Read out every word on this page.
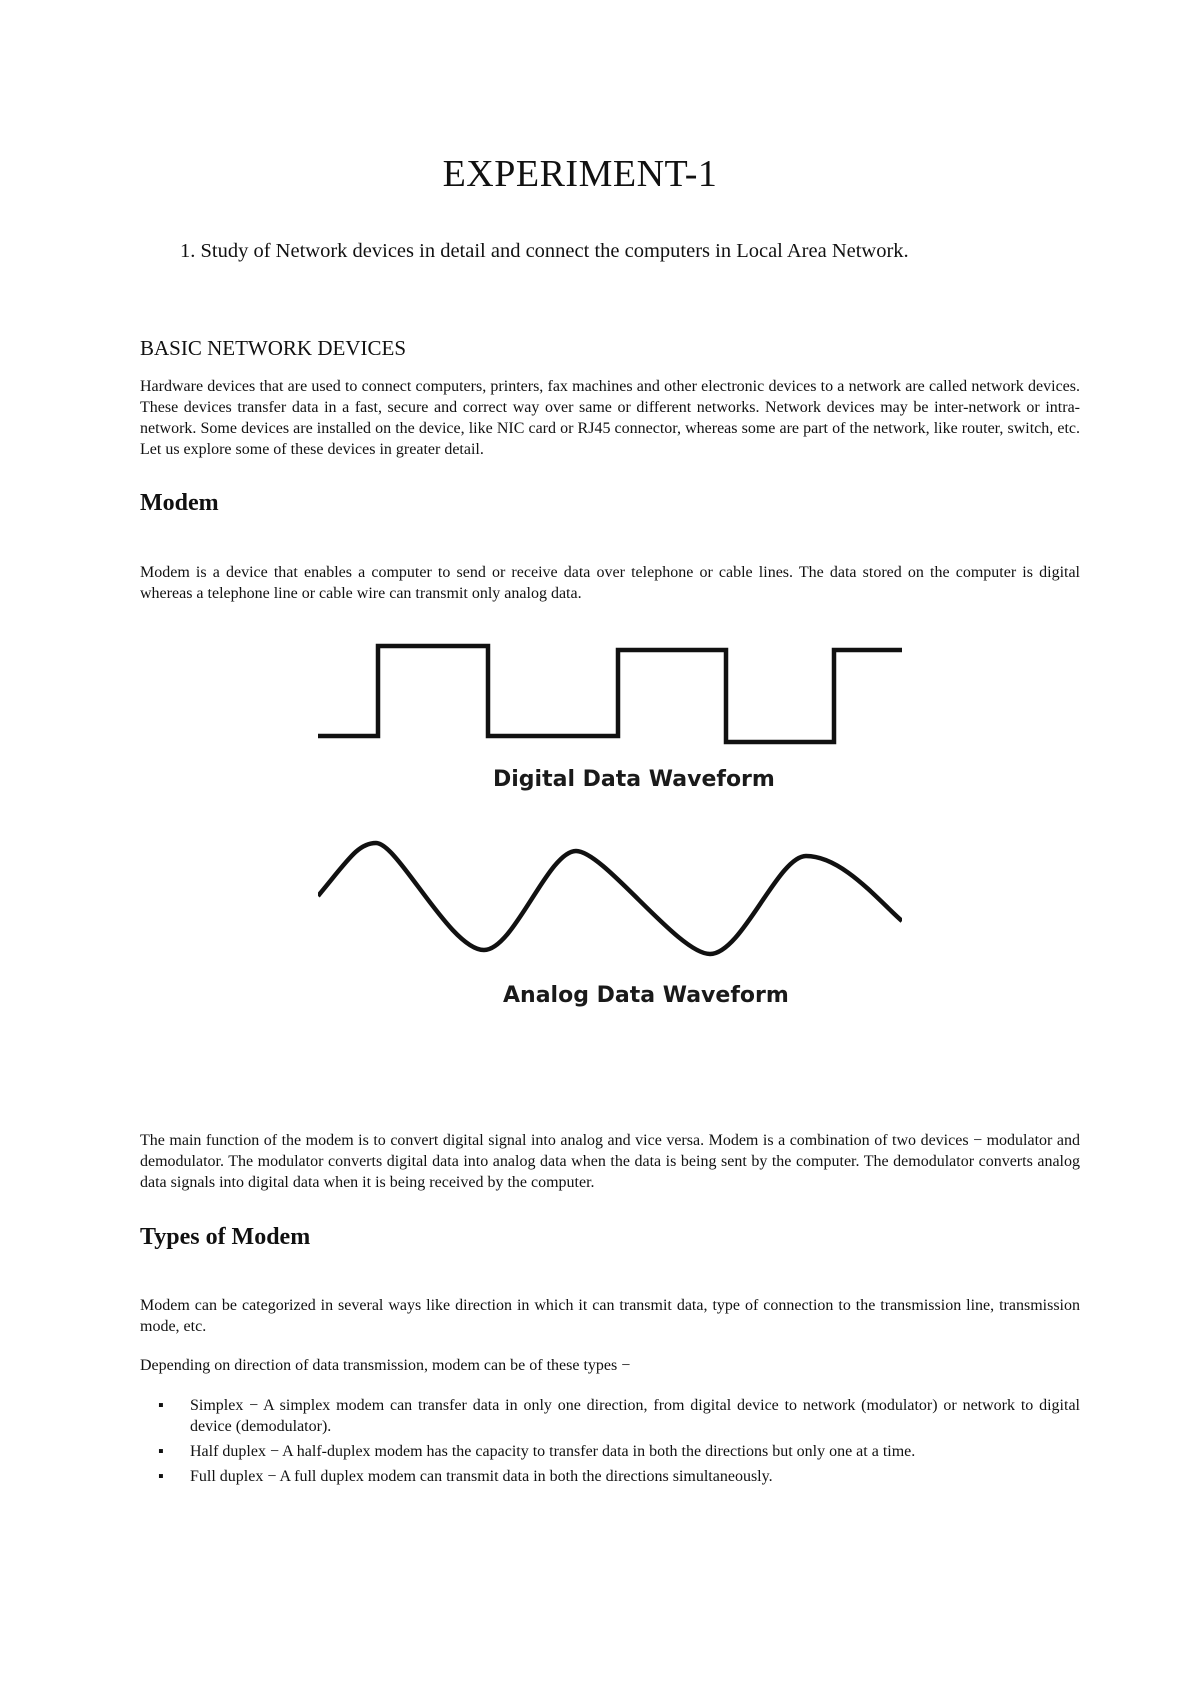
EXPERIMENT-1
1. Study of Network devices in detail and connect the computers in Local Area Network.
BASIC NETWORK DEVICES
Hardware devices that are used to connect computers, printers, fax machines and other electronic devices to a network are called network devices. These devices transfer data in a fast, secure and correct way over same or different networks. Network devices may be inter-network or intra-network. Some devices are installed on the device, like NIC card or RJ45 connector, whereas some are part of the network, like router, switch, etc. Let us explore some of these devices in greater detail.
Modem
Modem is a device that enables a computer to send or receive data over telephone or cable lines. The data stored on the computer is digital whereas a telephone line or cable wire can transmit only analog data.
Digital Data Waveform
Analog Data Waveform
The main function of the modem is to convert digital signal into analog and vice versa. Modem is a combination of two devices − modulator and demodulator. The modulator converts digital data into analog data when the data is being sent by the computer. The demodulator converts analog data signals into digital data when it is being received by the computer.
Types of Modem
Modem can be categorized in several ways like direction in which it can transmit data, type of connection to the transmission line, transmission mode, etc.
Depending on direction of data transmission, modem can be of these types −
▪ Simplex − A simplex modem can transfer data in only one direction, from digital device to network (modulator) or network to digital device (demodulator).
▪ Half duplex − A half-duplex modem has the capacity to transfer data in both the directions but only one at a time.
▪ Full duplex − A full duplex modem can transmit data in both the directions simultaneously.
